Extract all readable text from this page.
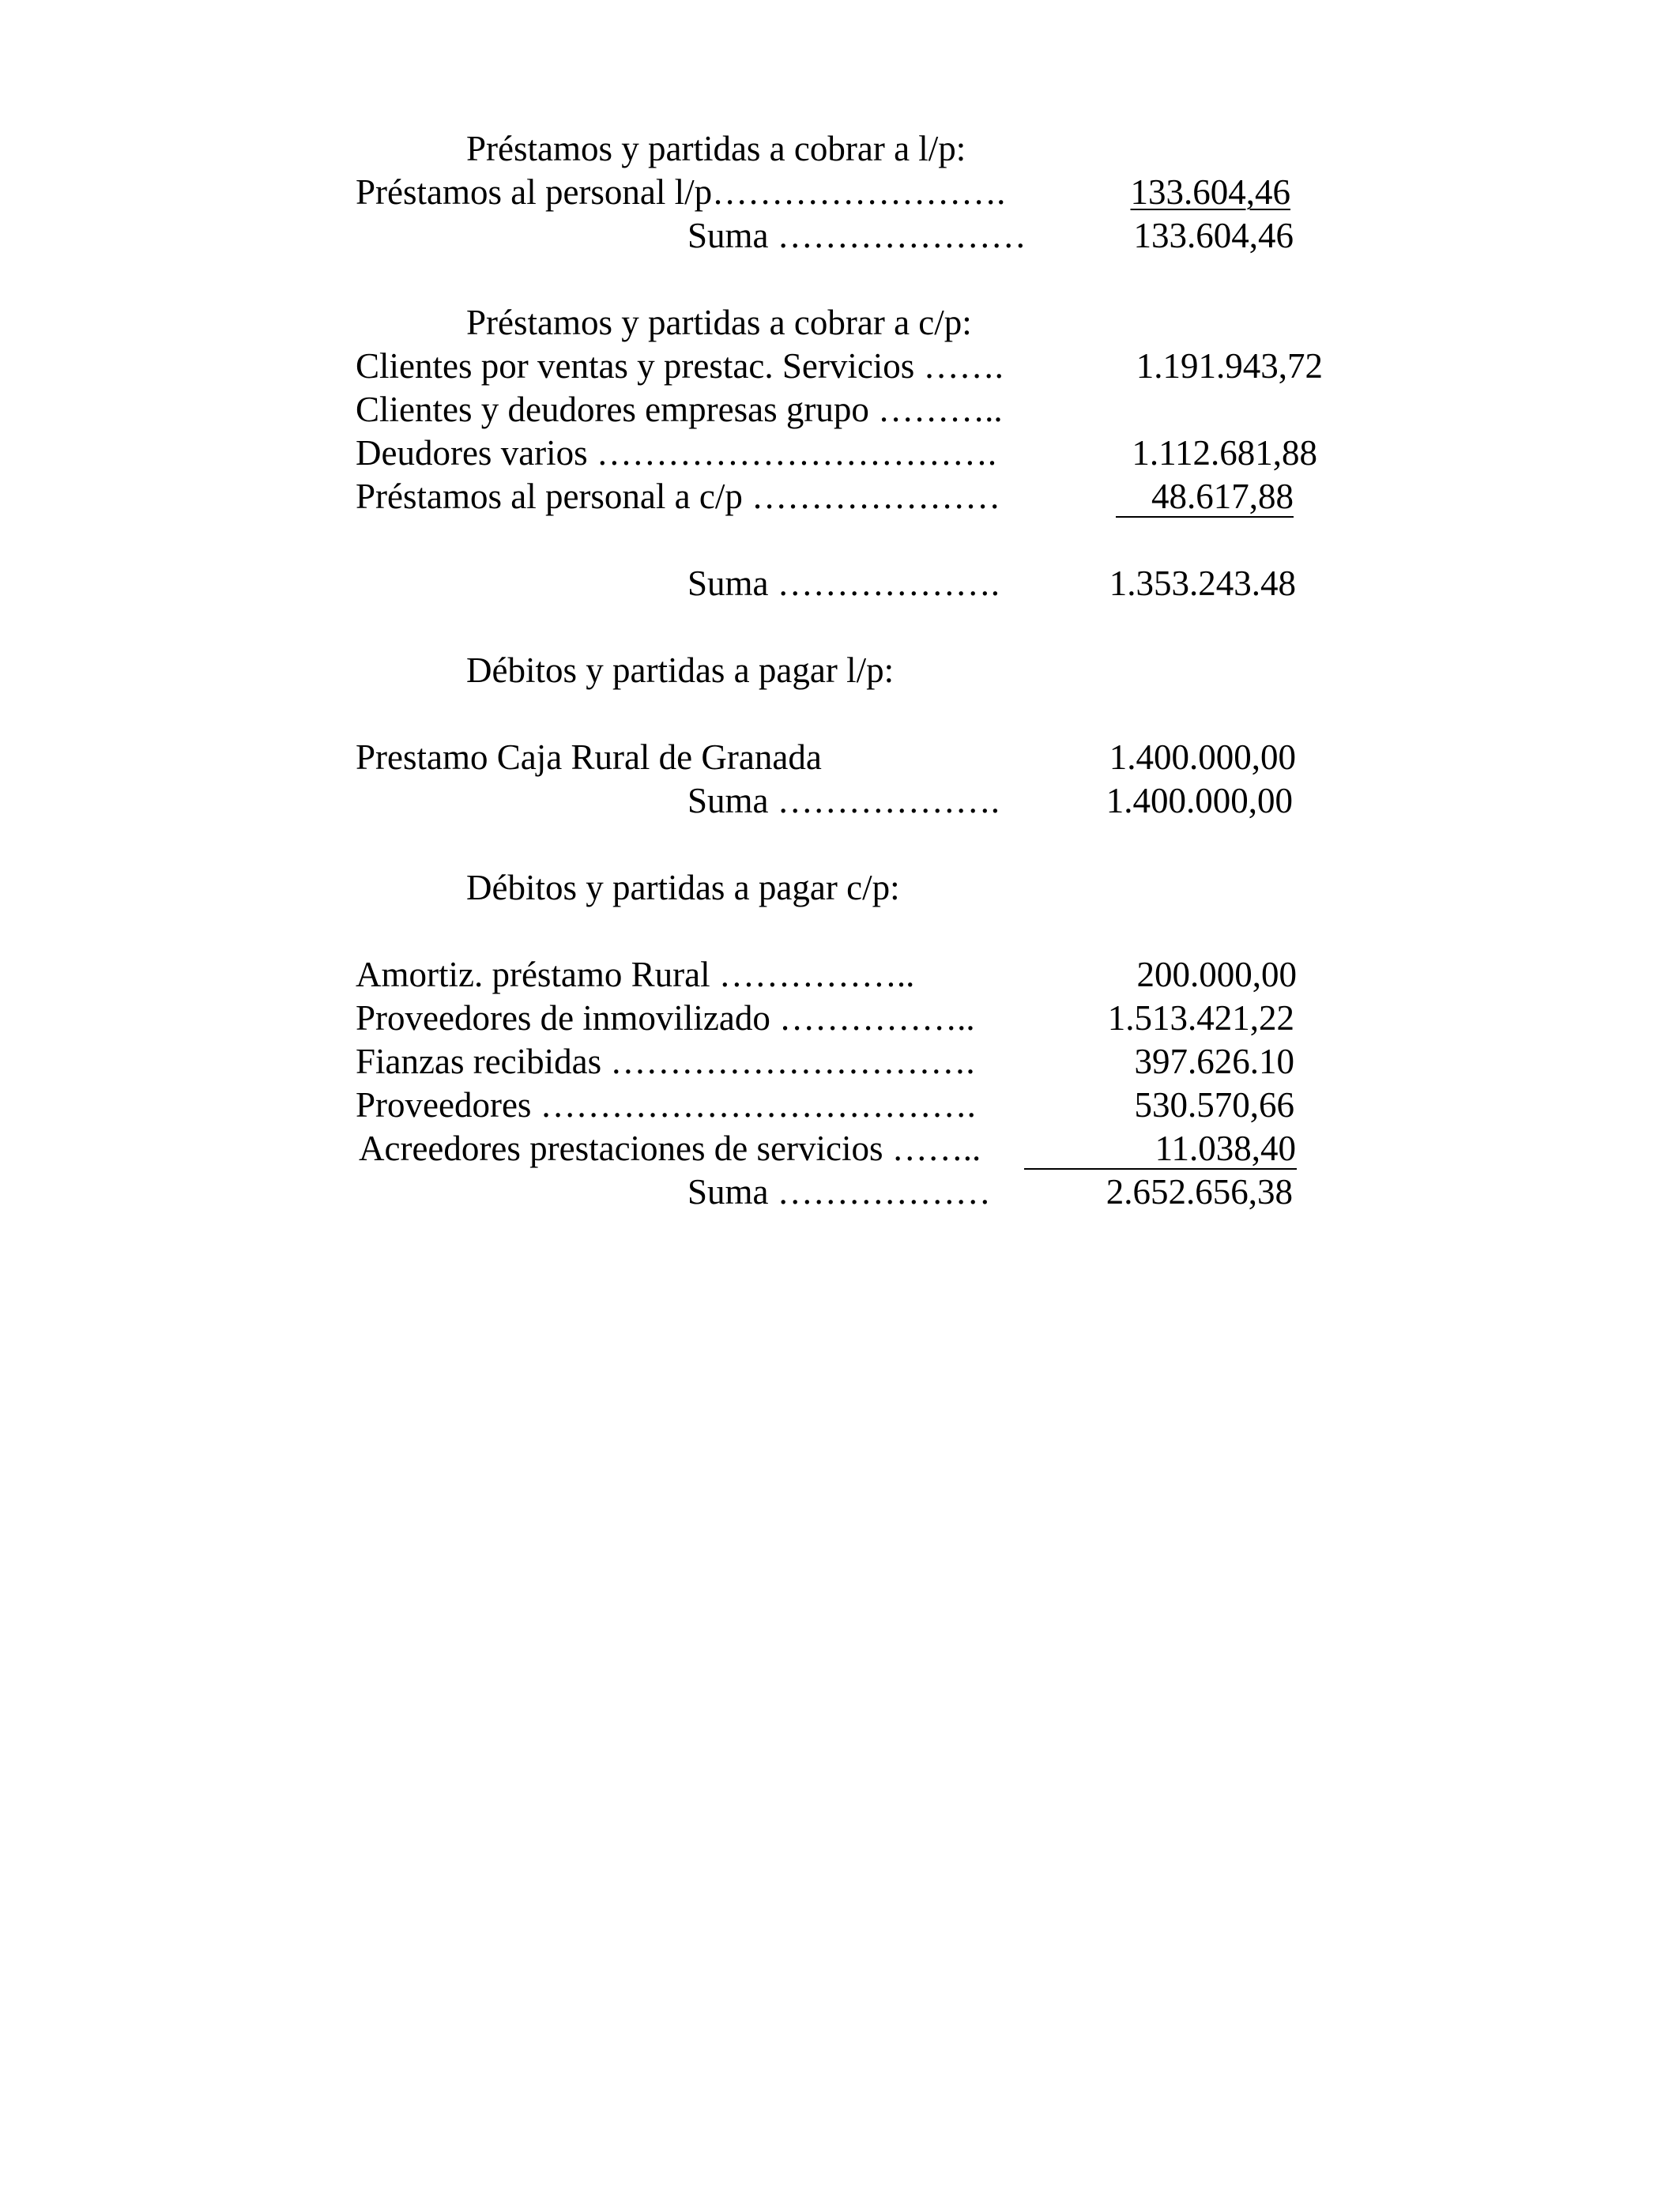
Préstamos y partidas a cobrar a l/p:
Préstamos al personal l/p…………………….	133.604,46
Suma …………………	133.604,46
Préstamos y partidas a cobrar a c/p:
Clientes por ventas y prestac. Servicios …….	1.191.943,72
Clientes y deudores empresas grupo ………..
Deudores varios …………………………….	1.112.681,88
Préstamos al personal a c/p …………………	48.617,88
Suma ……………….	1.353.243.48
Débitos y partidas a pagar l/p:
Prestamo Caja Rural de Granada	1.400.000,00
Suma ……………….	1.400.000,00
Débitos y partidas a pagar c/p:
Amortiz. préstamo Rural ……………..	200.000,00
Proveedores de inmovilizado ……………..	1.513.421,22
Fianzas recibidas ………………………….	397.626.10
Proveedores ……………………………….	530.570,66
Acreedores prestaciones de servicios ……..	11.038,40
Suma ………………	2.652.656,38
